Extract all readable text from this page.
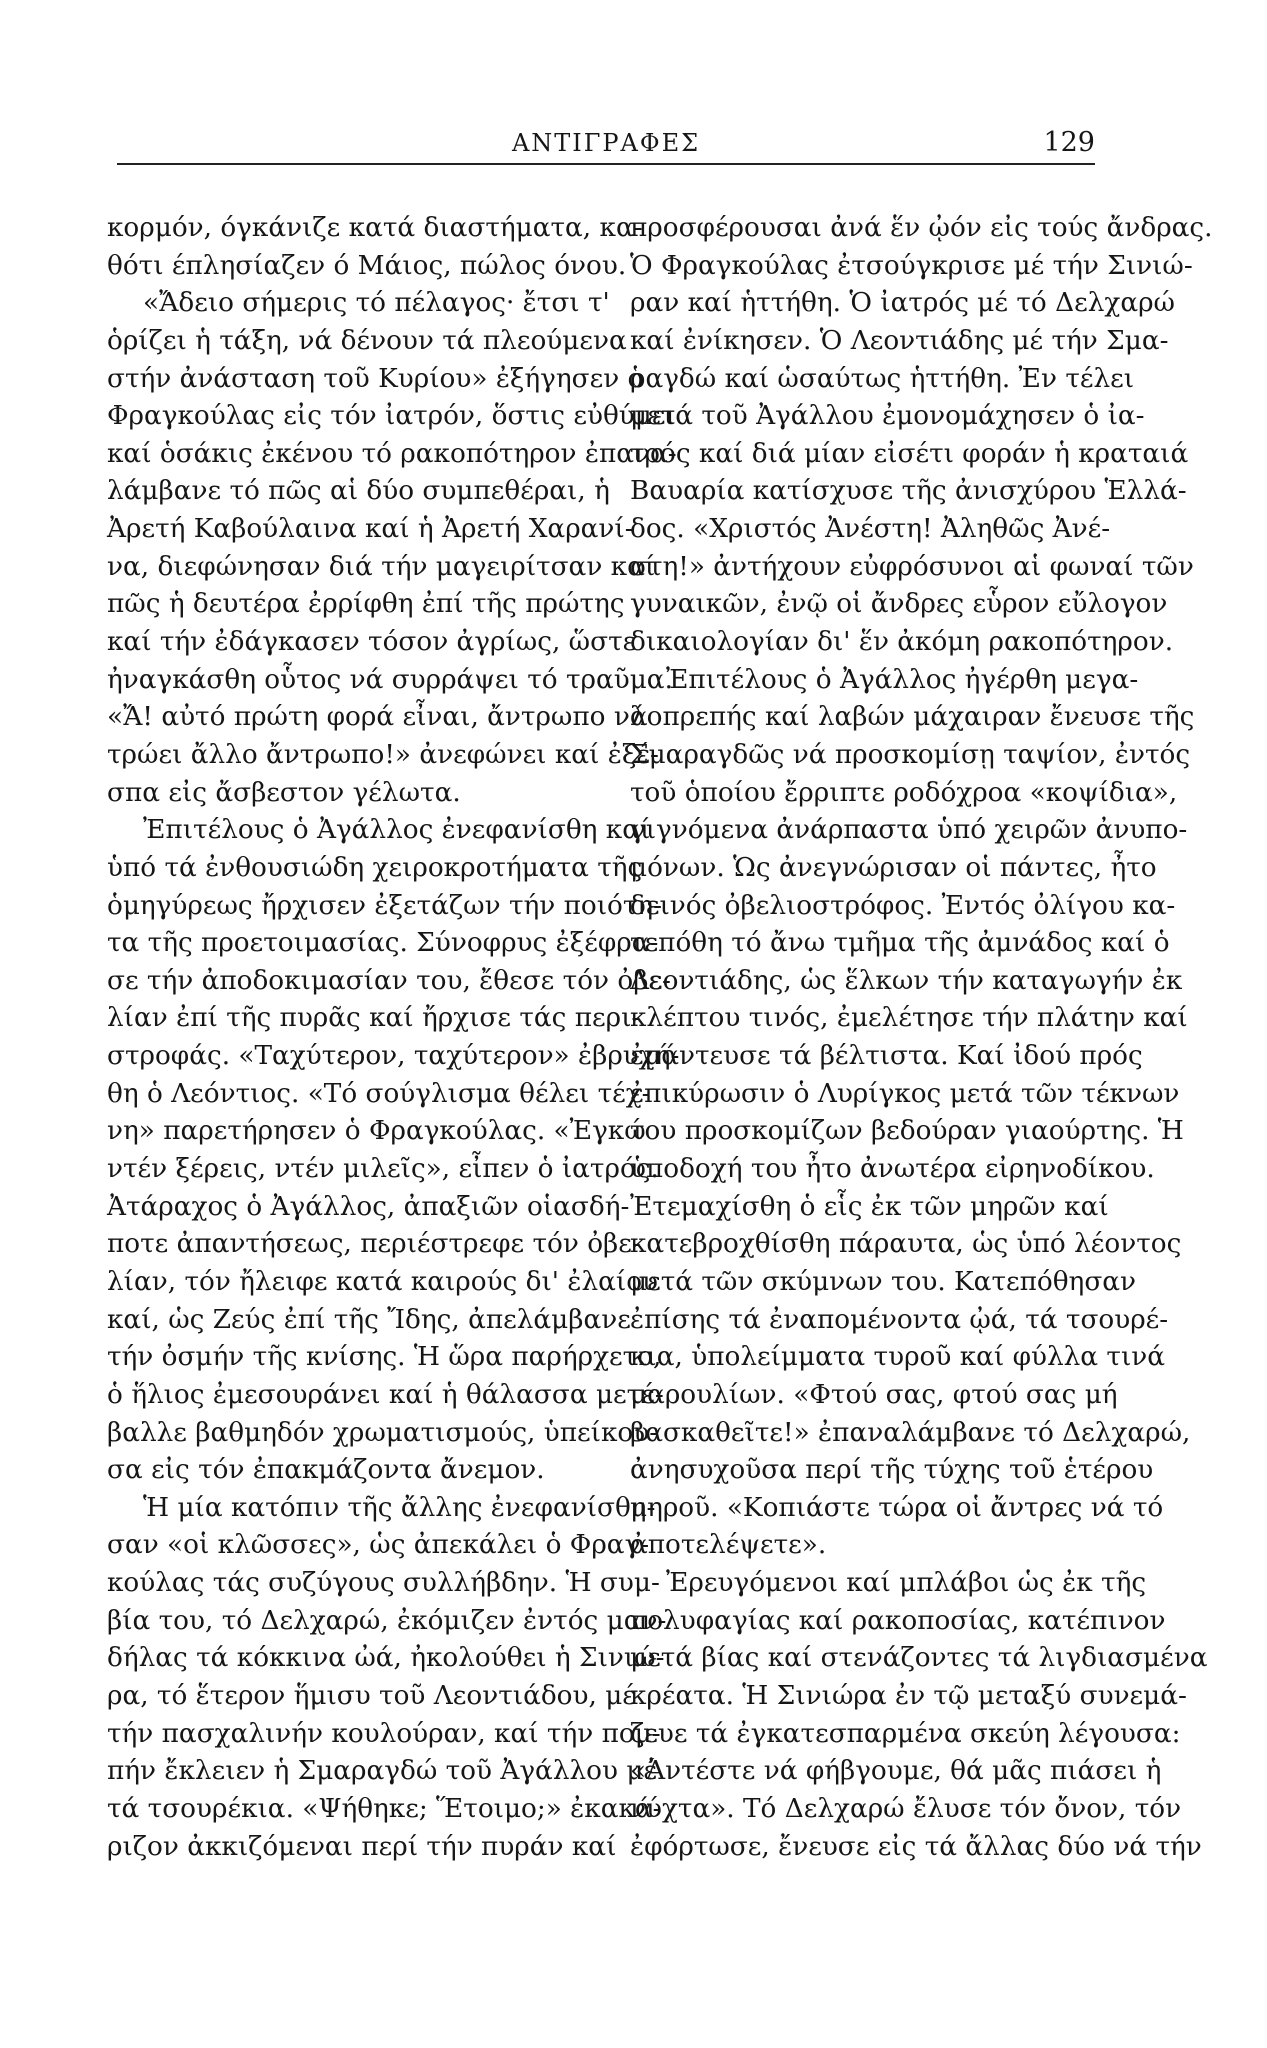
ΑΝΤΙΓΡΑΦΕΣ	129
κορμόν, όγκάνιζε κατά διαστήματα, κα-
θότι έπλησίαζεν ό Μάιος, πώλος όνου.
«Ἄδειο σήμερις τό πέλαγος· ἔτσι τ'
ὁρίζει ἡ τάξη, νά δένουν τά πλεούμενα
στήν ἀνάσταση τοῦ Κυρίου» ἐξήγησεν ὁ
Φραγκούλας εἰς τόν ἰατρόν, ὅστις εὐθύμει
καί ὁσάκις ἐκένου τό ρακοπότηρον ἐπανα-
λάμβανε τό πῶς αἱ δύο συμπεθέραι, ἡ
Ἀρετή Καβούλαινα καί ἡ Ἀρετή Χαρανί-
να, διεφώνησαν διά τήν μαγειρίτσαν καί
πῶς ἡ δευτέρα ἐρρίφθη ἐπί τῆς πρώτης
καί τήν ἐδάγκασεν τόσον ἀγρίως, ὥστε
ἠναγκάσθη οὗτος νά συρράψει τό τραῦμα.
«Ἄ! αὐτό πρώτη φορά εἶναι, ἄντρωπο νά
τρώει ἄλλο ἄντρωπο!» ἀνεφώνει καί ἐξέ-
σπα εἰς ἄσβεστον γέλωτα.
Ἐπιτέλους ὁ Ἀγάλλος ἐνεφανίσθη καί
ὑπό τά ἐνθουσιώδη χειροκροτήματα τῆς
ὁμηγύρεως ἤρχισεν ἐξετάζων τήν ποιότη-
τα τῆς προετοιμασίας. Σύνοφρυς ἐξέφρα-
σε τήν ἀποδοκιμασίαν του, ἔθεσε τόν ὀβε-
λίαν ἐπί τῆς πυρᾶς καί ἤρχισε τάς περι-
στροφάς. «Ταχύτερον, ταχύτερον» ἐβρυχή-
θη ὁ Λεόντιος. «Τό σούγλισμα θέλει τέχ-
νη» παρετήρησεν ὁ Φραγκούλας. «Ἐγκώ
ντέν ξέρεις, ντέν μιλεῖς», εἶπεν ὁ ἰατρός.
Ἀτάραχος ὁ Ἀγάλλος, ἀπαξιῶν οἱασδή-
ποτε ἀπαντήσεως, περιέστρεφε τόν ὀβε-
λίαν, τόν ἤλειφε κατά καιρούς δι' ἐλαίου
καί, ὡς Ζεύς ἐπί τῆς Ἴδης, ἀπελάμβανε
τήν ὀσμήν τῆς κνίσης. Ἡ ὥρα παρήρχετο,
ὁ ἥλιος ἐμεσουράνει καί ἡ θάλασσα μετέ-
βαλλε βαθμηδόν χρωματισμούς, ὑπείκου-
σα εἰς τόν ἐπακμάζοντα ἄνεμον.
Ἡ μία κατόπιν τῆς ἄλλης ἐνεφανίσθη-
σαν «οἱ κλῶσσες», ὡς ἀπεκάλει ὁ Φραγ-
κούλας τάς συζύγους συλλήβδην. Ἡ συμ-
βία του, τό Δελχαρώ, ἐκόμιζεν ἐντός μαν-
δήλας τά κόκκινα ὠά, ἠκολούθει ἡ Σινιώ-
ρα, τό ἕτερον ἥμισυ τοῦ Λεοντιάδου, μέ
τήν πασχαλινήν κουλούραν, καί τήν πομ-
πήν ἔκλειεν ἡ Σμαραγδώ τοῦ Ἀγάλλου μέ
τά τσουρέκια. «Ψήθηκε; Ἕτοιμο;» ἐκακά-
ριζον ἀκκιζόμεναι περί τήν πυράν καί
προσφέρουσαι ἀνά ἕν ᾠόν εἰς τούς ἄνδρας.
Ὁ Φραγκούλας ἐτσούγκρισε μέ τήν Σινιώ-
ραν καί ἡττήθη. Ὁ ἰατρός μέ τό Δελχαρώ
καί ἐνίκησεν. Ὁ Λεοντιάδης μέ τήν Σμα-
ραγδώ καί ὡσαύτως ἡττήθη. Ἐν τέλει
μετά τοῦ Ἀγάλλου ἐμονομάχησεν ὁ ἰα-
τρός καί διά μίαν εἰσέτι φοράν ἡ κραταιά
Βαυαρία κατίσχυσε τῆς ἀνισχύρου Ἑλλά-
δος. «Χριστός Ἀνέστη! Ἀληθῶς Ἀνέ-
στη!» ἀντήχουν εὐφρόσυνοι αἱ φωναί τῶν
γυναικῶν, ἐνῷ οἱ ἄνδρες εὗρον εὔλογον
δικαιολογίαν δι' ἕν ἀκόμη ρακοπότηρον.
Ἐπιτέλους ὁ Ἀγάλλος ἠγέρθη μεγα-
λοπρεπής καί λαβών μάχαιραν ἔνευσε τῆς
Σμαραγδῶς νά προσκομίσῃ ταψίον, ἐντός
τοῦ ὁποίου ἔρριπτε ροδόχροα «κοψίδια»,
γιγνόμενα ἀνάρπαστα ὑπό χειρῶν ἀνυπο-
μόνων. Ὡς ἀνεγνώρισαν οἱ πάντες, ἦτο
δεινός ὀβελιοστρόφος. Ἐντός ὀλίγου κα-
τεπόθη τό ἄνω τμῆμα τῆς ἀμνάδος καί ὁ
Λεοντιάδης, ὡς ἕλκων τήν καταγωγήν ἐκ
κλέπτου τινός, ἐμελέτησε τήν πλάτην καί
ἐμάντευσε τά βέλτιστα. Καί ἰδού πρός
ἐπικύρωσιν ὁ Λυρίγκος μετά τῶν τέκνων
του προσκομίζων βεδούραν γιαούρτης. Ἡ
ὑποδοχή του ἦτο ἀνωτέρα εἰρηνοδίκου.
Ἐτεμαχίσθη ὁ εἷς ἐκ τῶν μηρῶν καί
κατεβροχθίσθη πάραυτα, ὡς ὑπό λέοντος
μετά τῶν σκύμνων του. Κατεπόθησαν
ἐπίσης τά ἐναπομένοντα ᾠά, τά τσουρέ-
κια, ὑπολείμματα τυροῦ καί φύλλα τινά
μαρουλίων. «Φτού σας, φτού σας μή
βασκαθεῖτε!» ἐπαναλάμβανε τό Δελχαρώ,
ἀνησυχοῦσα περί τῆς τύχης τοῦ ἑτέρου
μηροῦ. «Κοπιάστε τώρα οἱ ἄντρες νά τό
ἀποτελέψετε».
Ἐρευγόμενοι καί μπλάβοι ὡς ἐκ τῆς
πολυφαγίας καί ρακοποσίας, κατέπινον
μετά βίας καί στενάζοντες τά λιγδιασμένα
κρέατα. Ἡ Σινιώρα ἐν τῷ μεταξύ συνεμά-
ζευε τά ἐγκατεσπαρμένα σκεύη λέγουσα:
«Ἀντέστε νά φήβγουμε, θά μᾶς πιάσει ἡ
νύχτα». Τό Δελχαρώ ἔλυσε τόν ὄνον, τόν
ἐφόρτωσε, ἔνευσε εἰς τά ἄλλας δύο νά τήν
